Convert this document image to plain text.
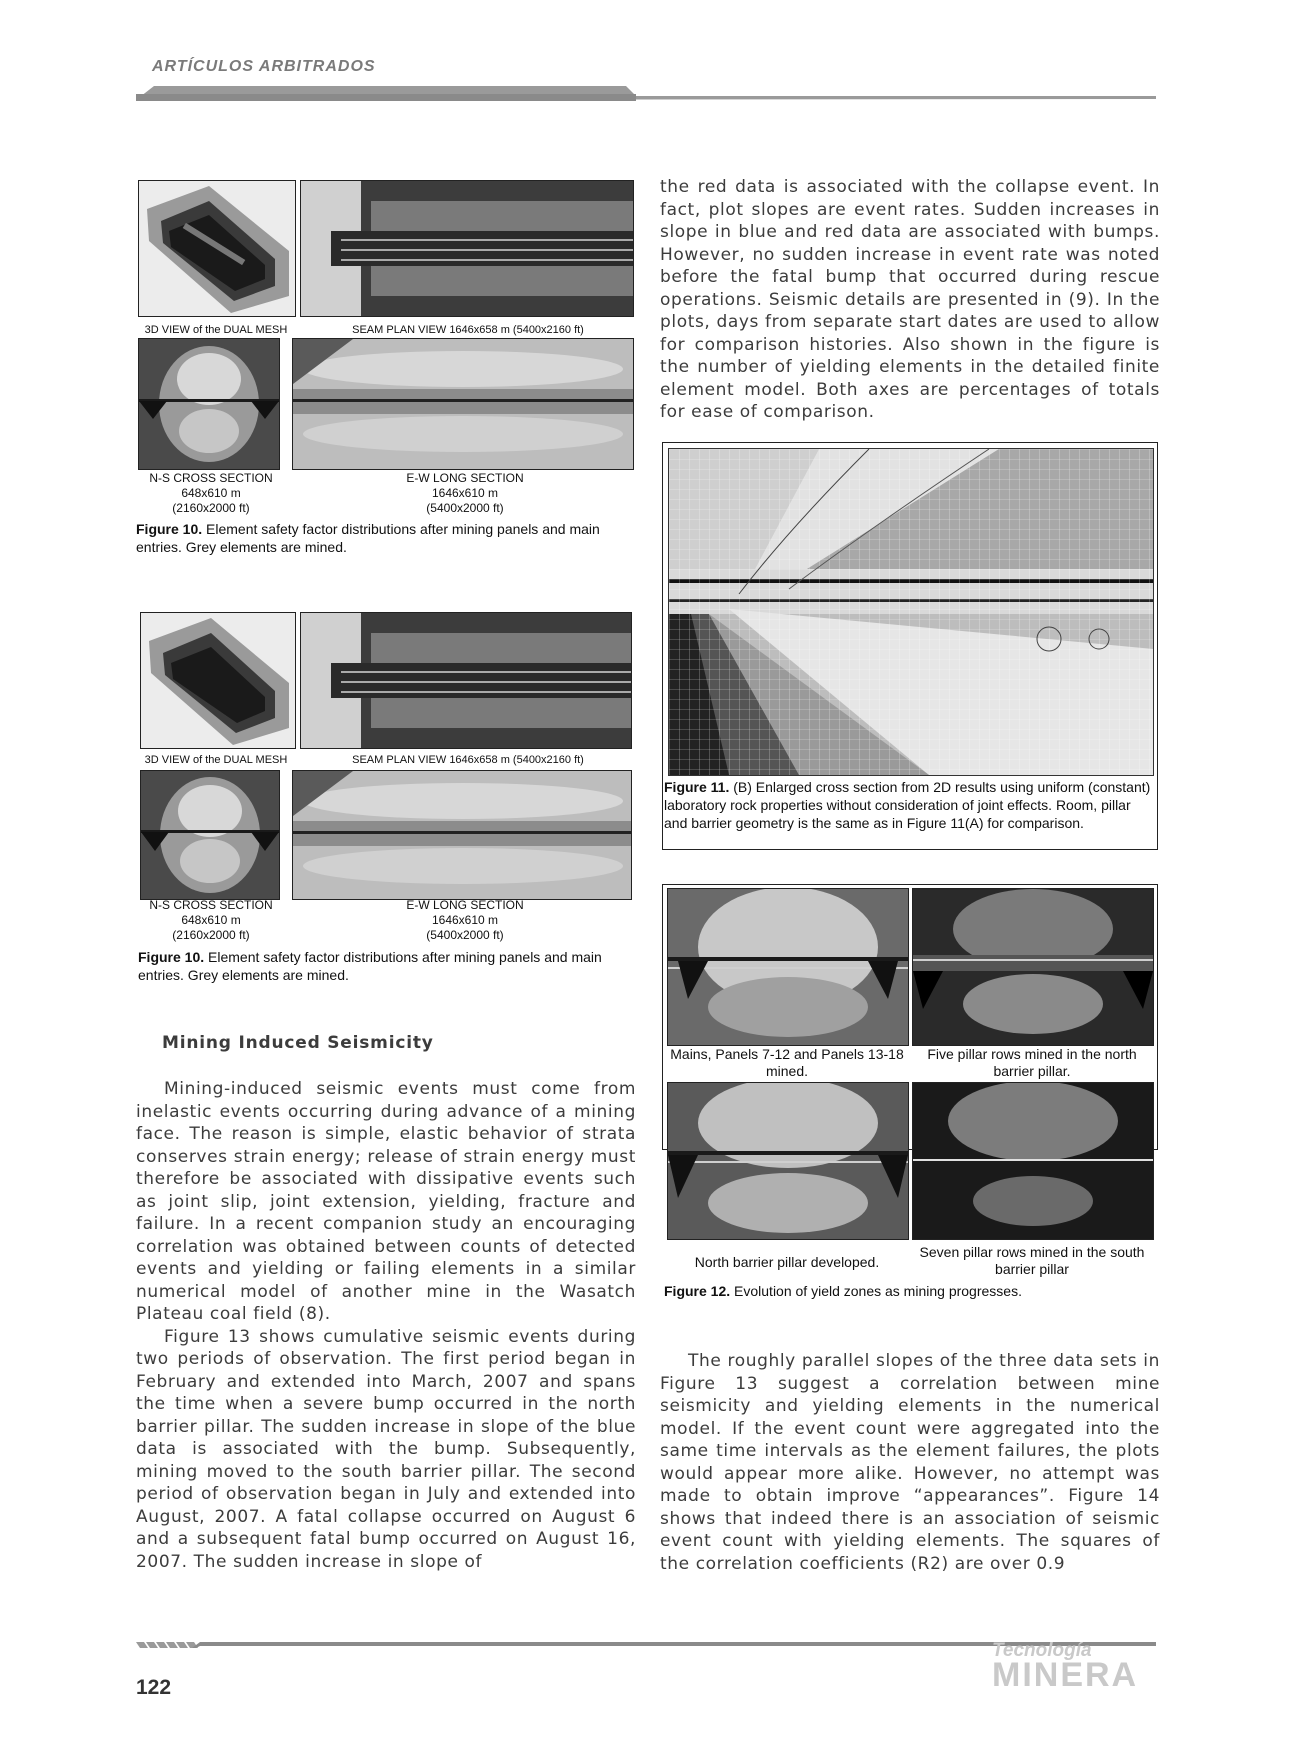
ARTÍCULOS ARBITRADOS
3D VIEW of the DUAL MESH	SEAM PLAN VIEW 1646x658 m (5400x2160 ft)
N-S CROSS SECTION
648x610 m
(2160x2000 ft)
E-W LONG SECTION
1646x610 m
(5400x2000 ft)
Figure 10. Element safety factor distributions after mining panels and main entries. Grey elements are mined.
3D VIEW of the DUAL MESH	SEAM PLAN VIEW 1646x658 m (5400x2160 ft)
N-S CROSS SECTION
648x610 m
(2160x2000 ft)
E-W LONG SECTION
1646x610 m
(5400x2000 ft)
Figure 10. Element safety factor distributions after mining panels and main entries. Grey elements are mined.
Mining Induced Seismicity

Mining-induced seismic events must come from inelastic events occurring during advance of a mining face. The reason is simple, elastic behavior of strata conserves strain energy; release of strain energy must therefore be associated with dissipative events such as joint slip, joint extension, yielding, fracture and failure. In a recent companion study an encouraging correlation was obtained between counts of detected events and yielding or failing elements in a similar numerical model of another mine in the Wasatch Plateau coal field (8).

Figure 13 shows cumulative seismic events during two periods of observation. The first period began in February and extended into March, 2007 and spans the time when a severe bump occurred in the north barrier pillar. The sudden increase in slope of the blue data is associated with the bump. Subsequently, mining moved to the south barrier pillar. The second period of observation began in July and extended into August, 2007. A fatal collapse occurred on August 6 and a subsequent fatal bump occurred on August 16, 2007. The sudden increase in slope of

the red data is associated with the collapse event. In fact, plot slopes are event rates. Sudden increases in slope in blue and red data are associated with bumps. However, no sudden increase in event rate was noted before the fatal bump that occurred during rescue operations. Seismic details are presented in (9). In the plots, days from separate start dates are used to allow for comparison histories. Also shown in the figure is the number of yielding elements in the detailed finite element model. Both axes are percentages of totals for ease of comparison.

Figure 11. (B) Enlarged cross section from 2D results using uniform (constant) laboratory rock properties without consideration of joint effects. Room, pillar and barrier geometry is the same as in Figure 11(A) for comparison.
Mains, Panels 7-12 and Panels 13-18 mined.
Five pillar rows mined in the north barrier pillar.
North barrier pillar developed.
Seven pillar rows mined in the south barrier pillar
Figure 12. Evolution of yield zones as mining progresses.

The roughly parallel slopes of the three data sets in Figure 13 suggest a correlation between mine seismicity and yielding elements in the numerical model. If the event count were aggregated into the same time intervals as the element failures, the plots would appear more alike. However, no attempt was made to obtain improve “appearances”. Figure 14 shows that indeed there is an association of seismic event count with yielding elements. The squares of the correlation coefficients (R2) are over 0.9

122
Tecnología
MINERA
